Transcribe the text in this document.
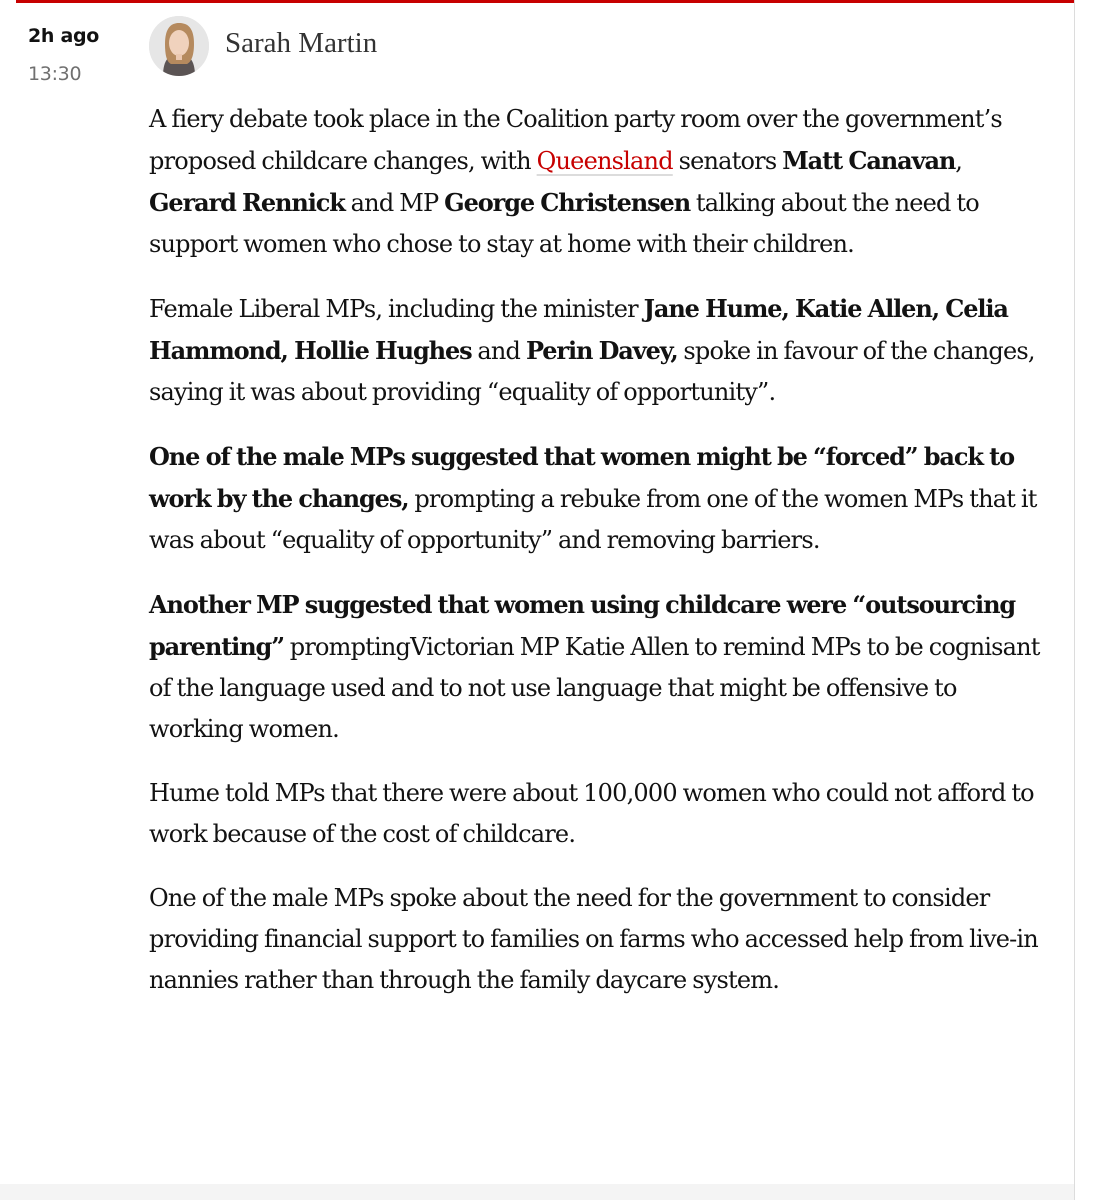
2h ago
13:30
Sarah Martin

A fiery debate took place in the Coalition party room over the government’s proposed childcare changes, with Queensland senators Matt Canavan, Gerard Rennick and MP George Christensen talking about the need to support women who chose to stay at home with their children.

Female Liberal MPs, including the minister Jane Hume, Katie Allen, Celia Hammond, Hollie Hughes and Perin Davey, spoke in favour of the changes, saying it was about providing “equality of opportunity”.

One of the male MPs suggested that women might be “forced” back to work by the changes, prompting a rebuke from one of the women MPs that it was about “equality of opportunity” and removing barriers.

Another MP suggested that women using childcare were “outsourcing parenting” promptingVictorian MP Katie Allen to remind MPs to be cognisant of the language used and to not use language that might be offensive to working women.

Hume told MPs that there were about 100,000 women who could not afford to work because of the cost of childcare.

One of the male MPs spoke about the need for the government to consider providing financial support to families on farms who accessed help from live-in nannies rather than through the family daycare system.
